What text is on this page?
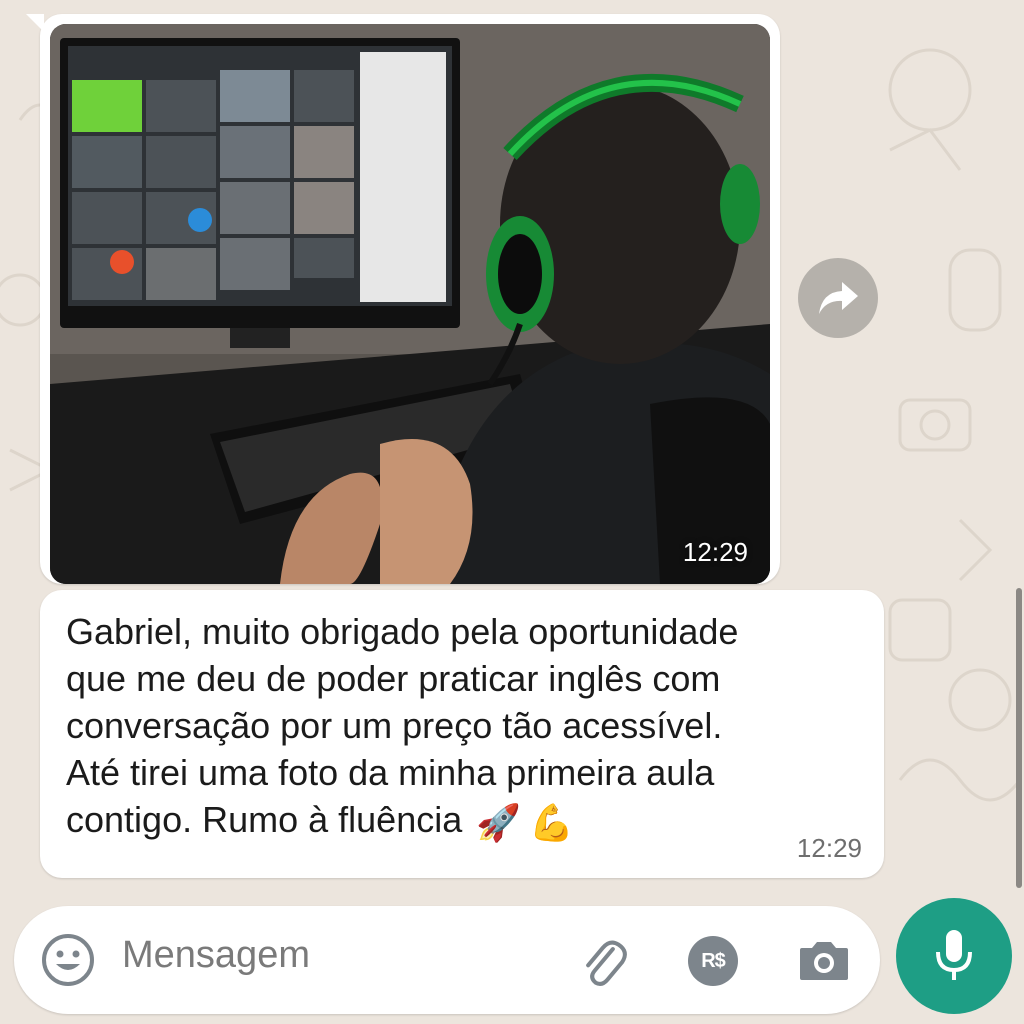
12:29
Gabriel, muito obrigado pela oportunidade
que me deu de poder praticar inglês com
conversação por um preço tão acessível.
Até tirei uma foto da minha primeira aula
contigo. Rumo à fluência 🚀 💪
12:29
Mensagem	R$
